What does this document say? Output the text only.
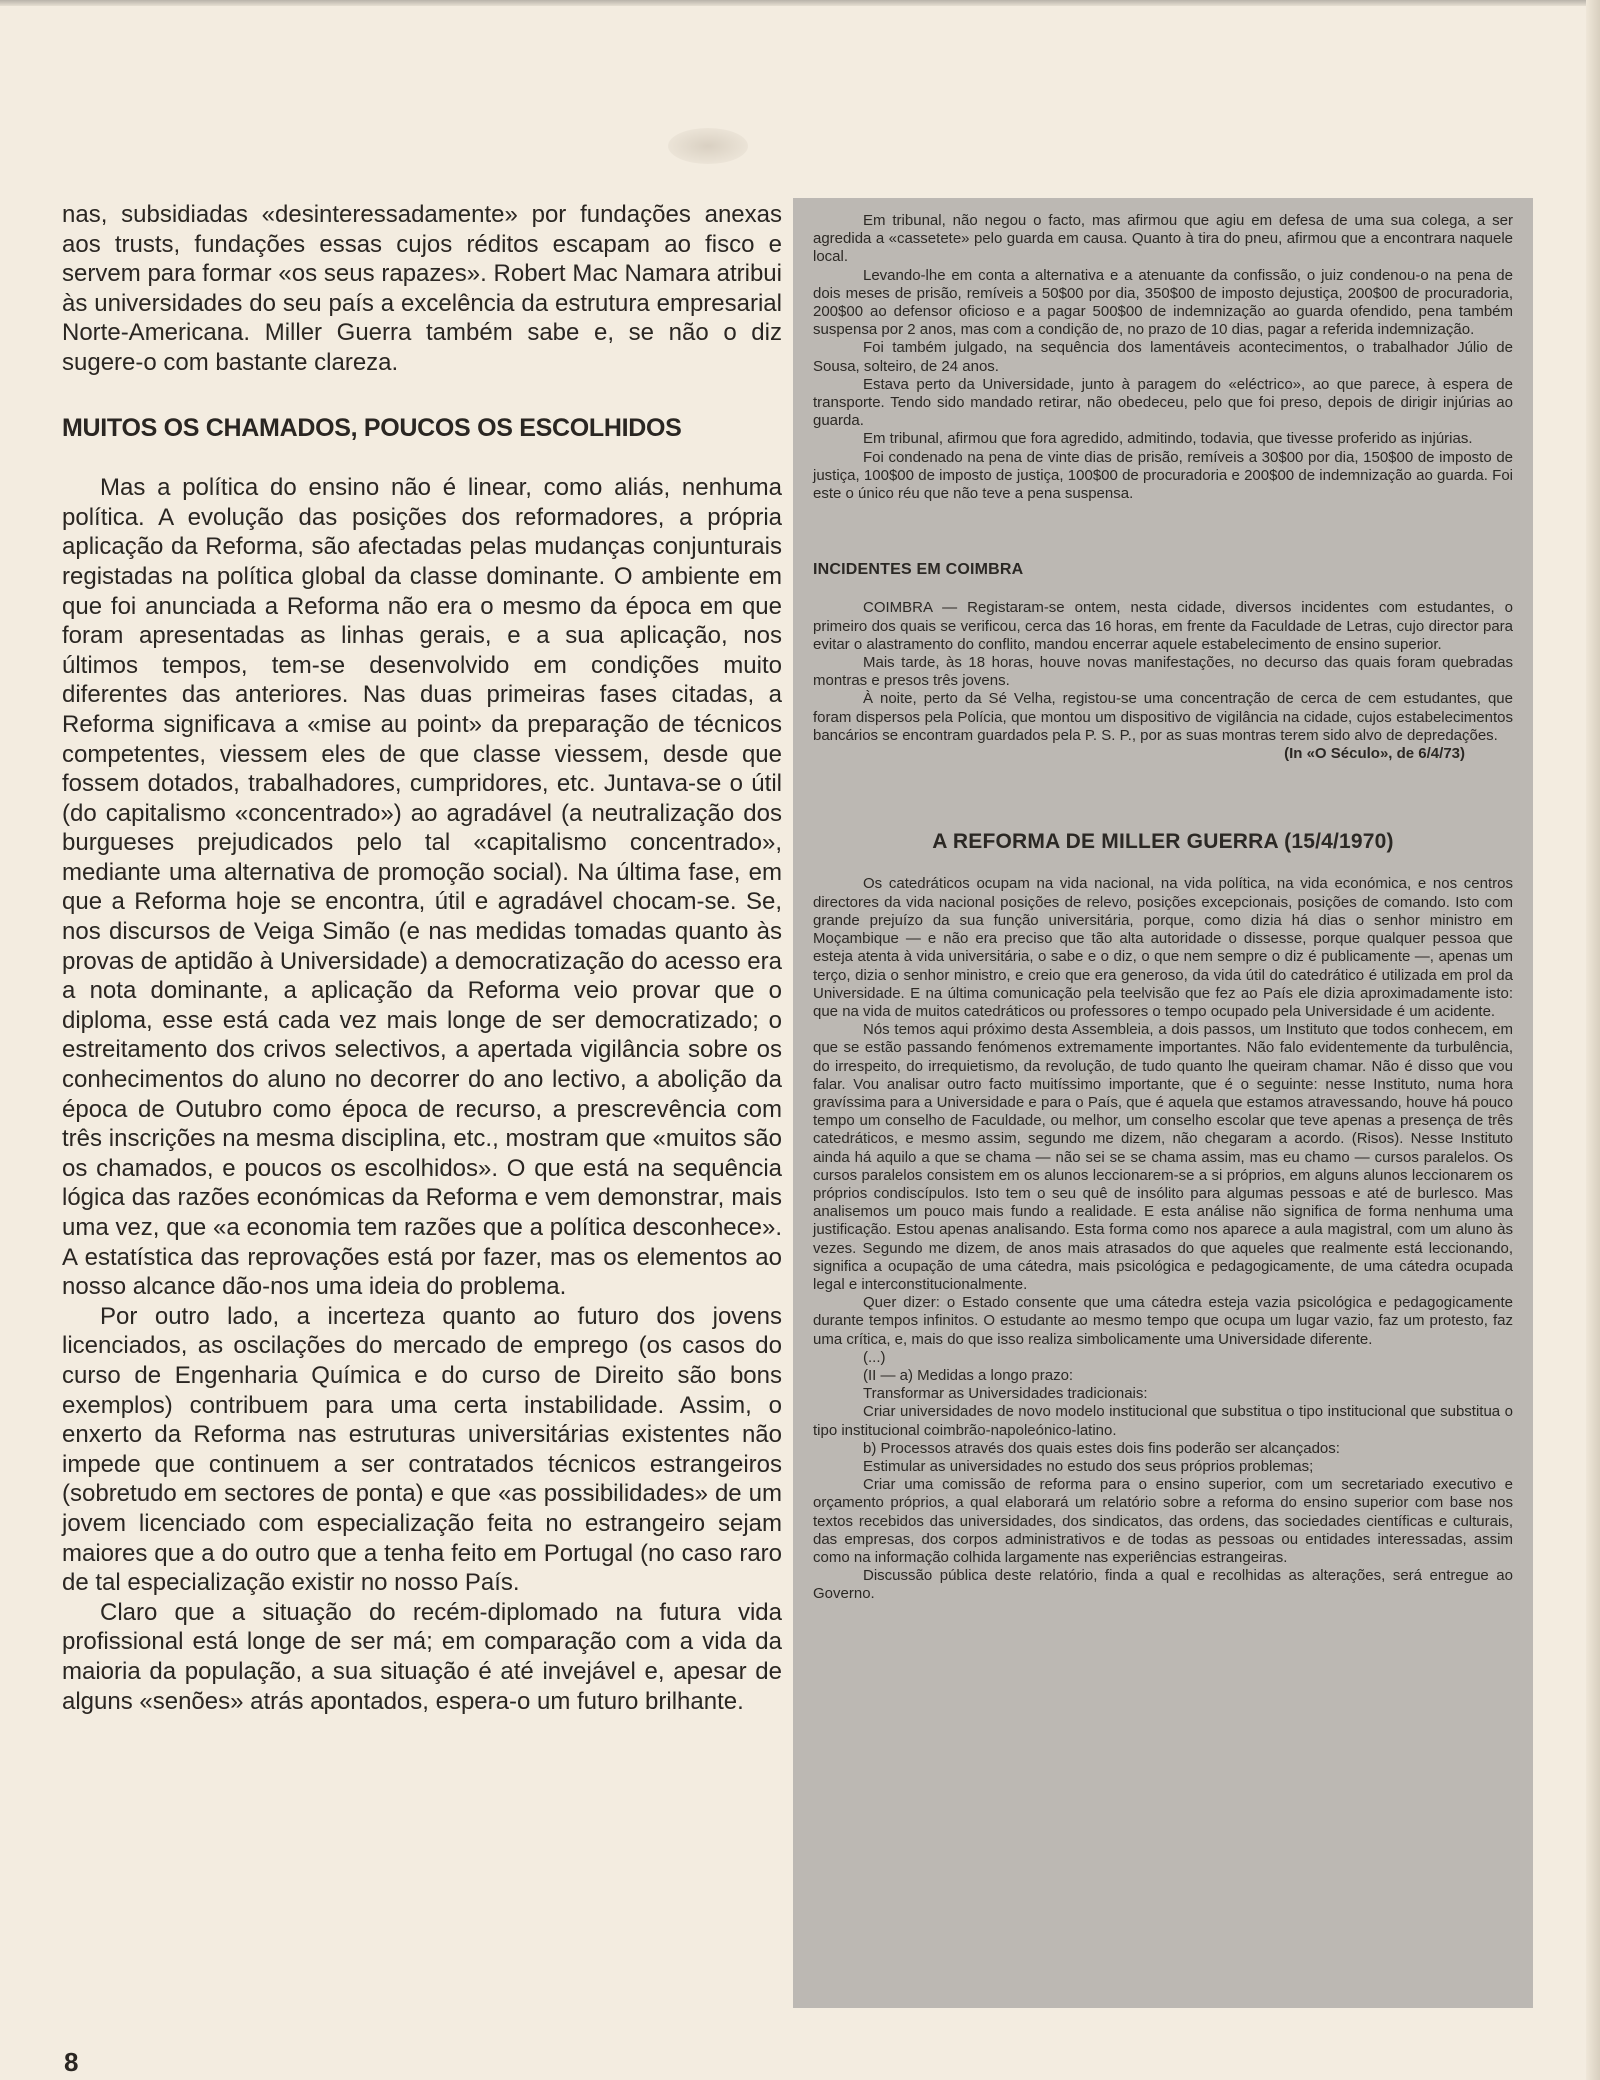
nas, subsidiadas «desinteressadamente» por fundações anexas aos trusts, fundações essas cujos réditos escapam ao fisco e servem para formar «os seus rapazes». Robert Mac Namara atribui às universidades do seu país a excelência da estrutura empresarial Norte-Americana. Miller Guerra também sabe e, se não o diz sugere-o com bastante clareza.

MUITOS OS CHAMADOS, POUCOS OS ESCOLHIDOS

Mas a política do ensino não é linear, como aliás, nenhuma política. A evolução das posições dos reformadores, a própria aplicação da Reforma, são afectadas pelas mudanças conjunturais registadas na política global da classe dominante. O ambiente em que foi anunciada a Reforma não era o mesmo da época em que foram apresentadas as linhas gerais, e a sua aplicação, nos últimos tempos, tem-se desenvolvido em condições muito diferentes das anteriores. Nas duas primeiras fases citadas, a Reforma significava a «mise au point» da preparação de técnicos competentes, viessem eles de que classe viessem, desde que fossem dotados, trabalhadores, cumpridores, etc. Juntava-se o útil (do capitalismo «concentrado») ao agradável (a neutralização dos burgueses prejudicados pelo tal «capitalismo concentrado», mediante uma alternativa de promoção social). Na última fase, em que a Reforma hoje se encontra, útil e agradável chocam-se. Se, nos discursos de Veiga Simão (e nas medidas tomadas quanto às provas de aptidão à Universidade) a democratização do acesso era a nota dominante, a aplicação da Reforma veio provar que o diploma, esse está cada vez mais longe de ser democratizado; o estreitamento dos crivos selectivos, a apertada vigilância sobre os conhecimentos do aluno no decorrer do ano lectivo, a abolição da época de Outubro como época de recurso, a prescrevência com três inscrições na mesma disciplina, etc., mostram que «muitos são os chamados, e poucos os escolhidos». O que está na sequência lógica das razões económicas da Reforma e vem demonstrar, mais uma vez, que «a economia tem razões que a política desconhece». A estatística das reprovações está por fazer, mas os elementos ao nosso alcance dão-nos uma ideia do problema.

Por outro lado, a incerteza quanto ao futuro dos jovens licenciados, as oscilações do mercado de emprego (os casos do curso de Engenharia Química e do curso de Direito são bons exemplos) contribuem para uma certa instabilidade. Assim, o enxerto da Reforma nas estruturas universitárias existentes não impede que continuem a ser contratados técnicos estrangeiros (sobretudo em sectores de ponta) e que «as possibilidades» de um jovem licenciado com especialização feita no estrangeiro sejam maiores que a do outro que a tenha feito em Portugal (no caso raro de tal especialização existir no nosso País.

Claro que a situação do recém-diplomado na futura vida profissional está longe de ser má; em comparação com a vida da maioria da população, a sua situação é até invejável e, apesar de alguns «senões» atrás apontados, espera-o um futuro brilhante.

Em tribunal, não negou o facto, mas afirmou que agiu em defesa de uma sua colega, a ser agredida a «cassetete» pelo guarda em causa. Quanto à tira do pneu, afirmou que a encontrara naquele local.

Levando-lhe em conta a alternativa e a atenuante da confissão, o juiz condenou-o na pena de dois meses de prisão, remíveis a 50$00 por dia, 350$00 de imposto dejustiça, 200$00 de procuradoria, 200$00 ao defensor oficioso e a pagar 500$00 de indemnização ao guarda ofendido, pena também suspensa por 2 anos, mas com a condição de, no prazo de 10 dias, pagar a referida indemnização.

Foi também julgado, na sequência dos lamentáveis acontecimentos, o trabalhador Júlio de Sousa, solteiro, de 24 anos.

Estava perto da Universidade, junto à paragem do «eléctrico», ao que parece, à espera de transporte. Tendo sido mandado retirar, não obedeceu, pelo que foi preso, depois de dirigir injúrias ao guarda.

Em tribunal, afirmou que fora agredido, admitindo, todavia, que tivesse proferido as injúrias.

Foi condenado na pena de vinte dias de prisão, remíveis a 30$00 por dia, 150$00 de imposto de justiça, 100$00 de imposto de justiça, 100$00 de procuradoria e 200$00 de indemnização ao guarda. Foi este o único réu que não teve a pena suspensa.

INCIDENTES EM COIMBRA

COIMBRA — Registaram-se ontem, nesta cidade, diversos incidentes com estudantes, o primeiro dos quais se verificou, cerca das 16 horas, em frente da Faculdade de Letras, cujo director para evitar o alastramento do conflito, mandou encerrar aquele estabelecimento de ensino superior.

Mais tarde, às 18 horas, houve novas manifestações, no decurso das quais foram quebradas montras e presos três jovens.

À noite, perto da Sé Velha, registou-se uma concentração de cerca de cem estudantes, que foram dispersos pela Polícia, que montou um dispositivo de vigilância na cidade, cujos estabelecimentos bancários se encontram guardados pela P. S. P., por as suas montras terem sido alvo de depredações.

(In «O Século», de 6/4/73)

A REFORMA DE MILLER GUERRA (15/4/1970)

Os catedráticos ocupam na vida nacional, na vida política, na vida económica, e nos centros directores da vida nacional posições de relevo, posições excepcionais, posições de comando. Isto com grande prejuízo da sua função universitária, porque, como dizia há dias o senhor ministro em Moçambique — e não era preciso que tão alta autoridade o dissesse, porque qualquer pessoa que esteja atenta à vida universitária, o sabe e o diz, o que nem sempre o diz é publicamente —, apenas um terço, dizia o senhor ministro, e creio que era generoso, da vida útil do catedrático é utilizada em prol da Universidade. E na última comunicação pela teelvisão que fez ao País ele dizia aproximadamente isto: que na vida de muitos catedráticos ou professores o tempo ocupado pela Universidade é um acidente.

Nós temos aqui próximo desta Assembleia, a dois passos, um Instituto que todos conhecem, em que se estão passando fenómenos extremamente importantes. Não falo evidentemente da turbulência, do irrespeito, do irrequietismo, da revolução, de tudo quanto lhe queiram chamar. Não é disso que vou falar. Vou analisar outro facto muitíssimo importante, que é o seguinte: nesse Instituto, numa hora gravíssima para a Universidade e para o País, que é aquela que estamos atravessando, houve há pouco tempo um conselho de Faculdade, ou melhor, um conselho escolar que teve apenas a presença de três catedráticos, e mesmo assim, segundo me dizem, não chegaram a acordo. (Risos). Nesse Instituto ainda há aquilo a que se chama — não sei se se chama assim, mas eu chamo — cursos paralelos. Os cursos paralelos consistem em os alunos leccionarem-se a si próprios, em alguns alunos leccionarem os próprios condiscípulos. Isto tem o seu quê de insólito para algumas pessoas e até de burlesco. Mas analisemos um pouco mais fundo a realidade. E esta análise não significa de forma nenhuma uma justificação. Estou apenas analisando. Esta forma como nos aparece a aula magistral, com um aluno às vezes. Segundo me dizem, de anos mais atrasados do que aqueles que realmente está leccionando, significa a ocupação de uma cátedra, mais psicológica e pedagogicamente, de uma cátedra ocupada legal e interconstitucionalmente.

Quer dizer: o Estado consente que uma cátedra esteja vazia psicológica e pedagogicamente durante tempos infinitos. O estudante ao mesmo tempo que ocupa um lugar vazio, faz um protesto, faz uma crítica, e, mais do que isso realiza simbolicamente uma Universidade diferente.

(...)

(II — a) Medidas a longo prazo:

Transformar as Universidades tradicionais:

Criar universidades de novo modelo institucional que substitua o tipo institucional que substitua o tipo institucional coimbrão-napoleónico-latino.

b) Processos através dos quais estes dois fins poderão ser alcançados:

Estimular as universidades no estudo dos seus próprios problemas;

Criar uma comissão de reforma para o ensino superior, com um secretariado executivo e orçamento próprios, a qual elaborará um relatório sobre a reforma do ensino superior com base nos textos recebidos das universidades, dos sindicatos, das ordens, das sociedades científicas e culturais, das empresas, dos corpos administrativos e de todas as pessoas ou entidades interessadas, assim como na informação colhida largamente nas experiências estrangeiras.

Discussão pública deste relatório, finda a qual e recolhidas as alterações, será entregue ao Governo.

8
